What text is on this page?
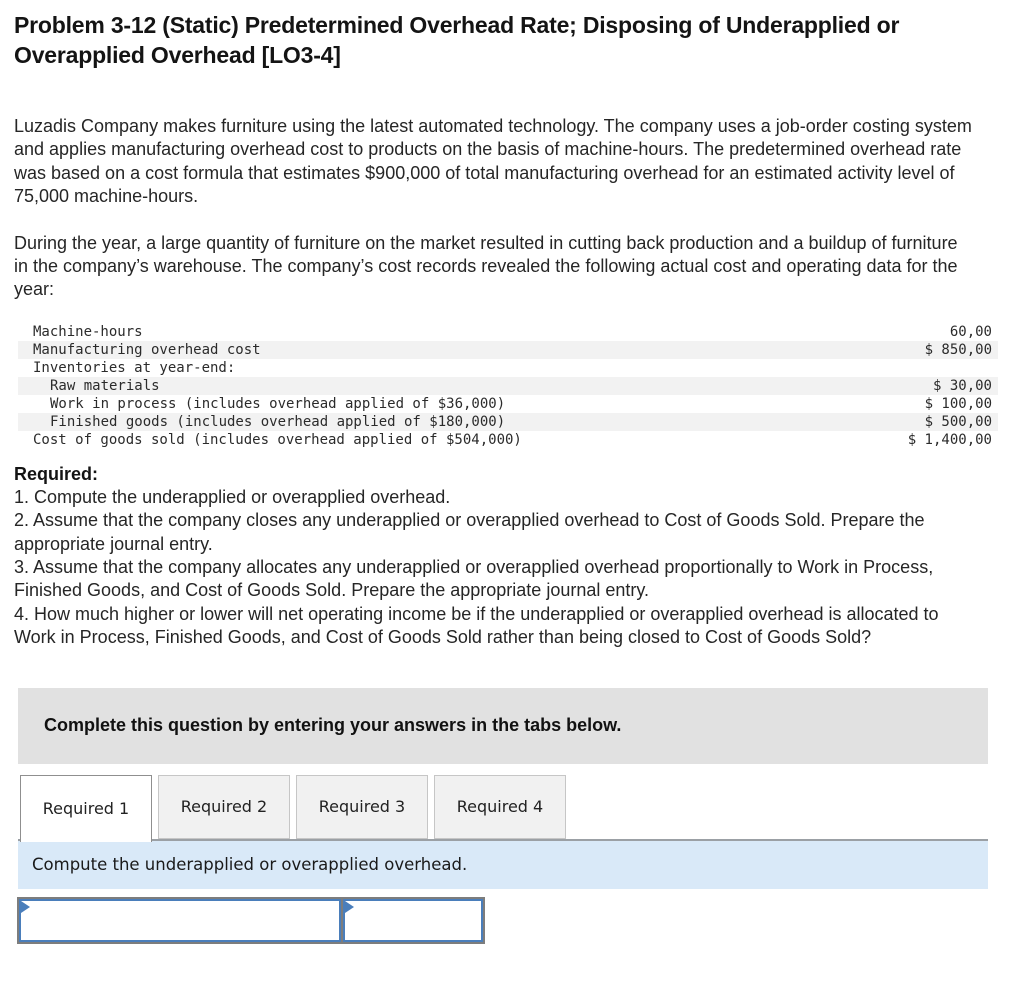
Problem 3-12 (Static) Predetermined Overhead Rate; Disposing of Underapplied or Overapplied Overhead [LO3-4]

Luzadis Company makes furniture using the latest automated technology. The company uses a job-order costing system and applies manufacturing overhead cost to products on the basis of machine-hours. The predetermined overhead rate was based on a cost formula that estimates $900,000 of total manufacturing overhead for an estimated activity level of 75,000 machine-hours.

During the year, a large quantity of furniture on the market resulted in cutting back production and a buildup of furniture in the company’s warehouse. The company’s cost records revealed the following actual cost and operating data for the year:

Machine-hours	60,00
Manufacturing overhead cost	$ 850,00
Inventories at year-end:
Raw materials	$ 30,00
Work in process (includes overhead applied of $36,000)	$ 100,00
Finished goods (includes overhead applied of $180,000)	$ 500,00
Cost of goods sold (includes overhead applied of $504,000)	$ 1,400,00
Required:

1. Compute the underapplied or overapplied overhead.

2. Assume that the company closes any underapplied or overapplied overhead to Cost of Goods Sold. Prepare the appropriate journal entry.

3. Assume that the company allocates any underapplied or overapplied overhead proportionally to Work in Process, Finished Goods, and Cost of Goods Sold. Prepare the appropriate journal entry.

4. How much higher or lower will net operating income be if the underapplied or overapplied overhead is allocated to Work in Process, Finished Goods, and Cost of Goods Sold rather than being closed to Cost of Goods Sold?

Complete this question by entering your answers in the tabs below.
Required 1	Required 2	Required 3	Required 4
Compute the underapplied or overapplied overhead.
